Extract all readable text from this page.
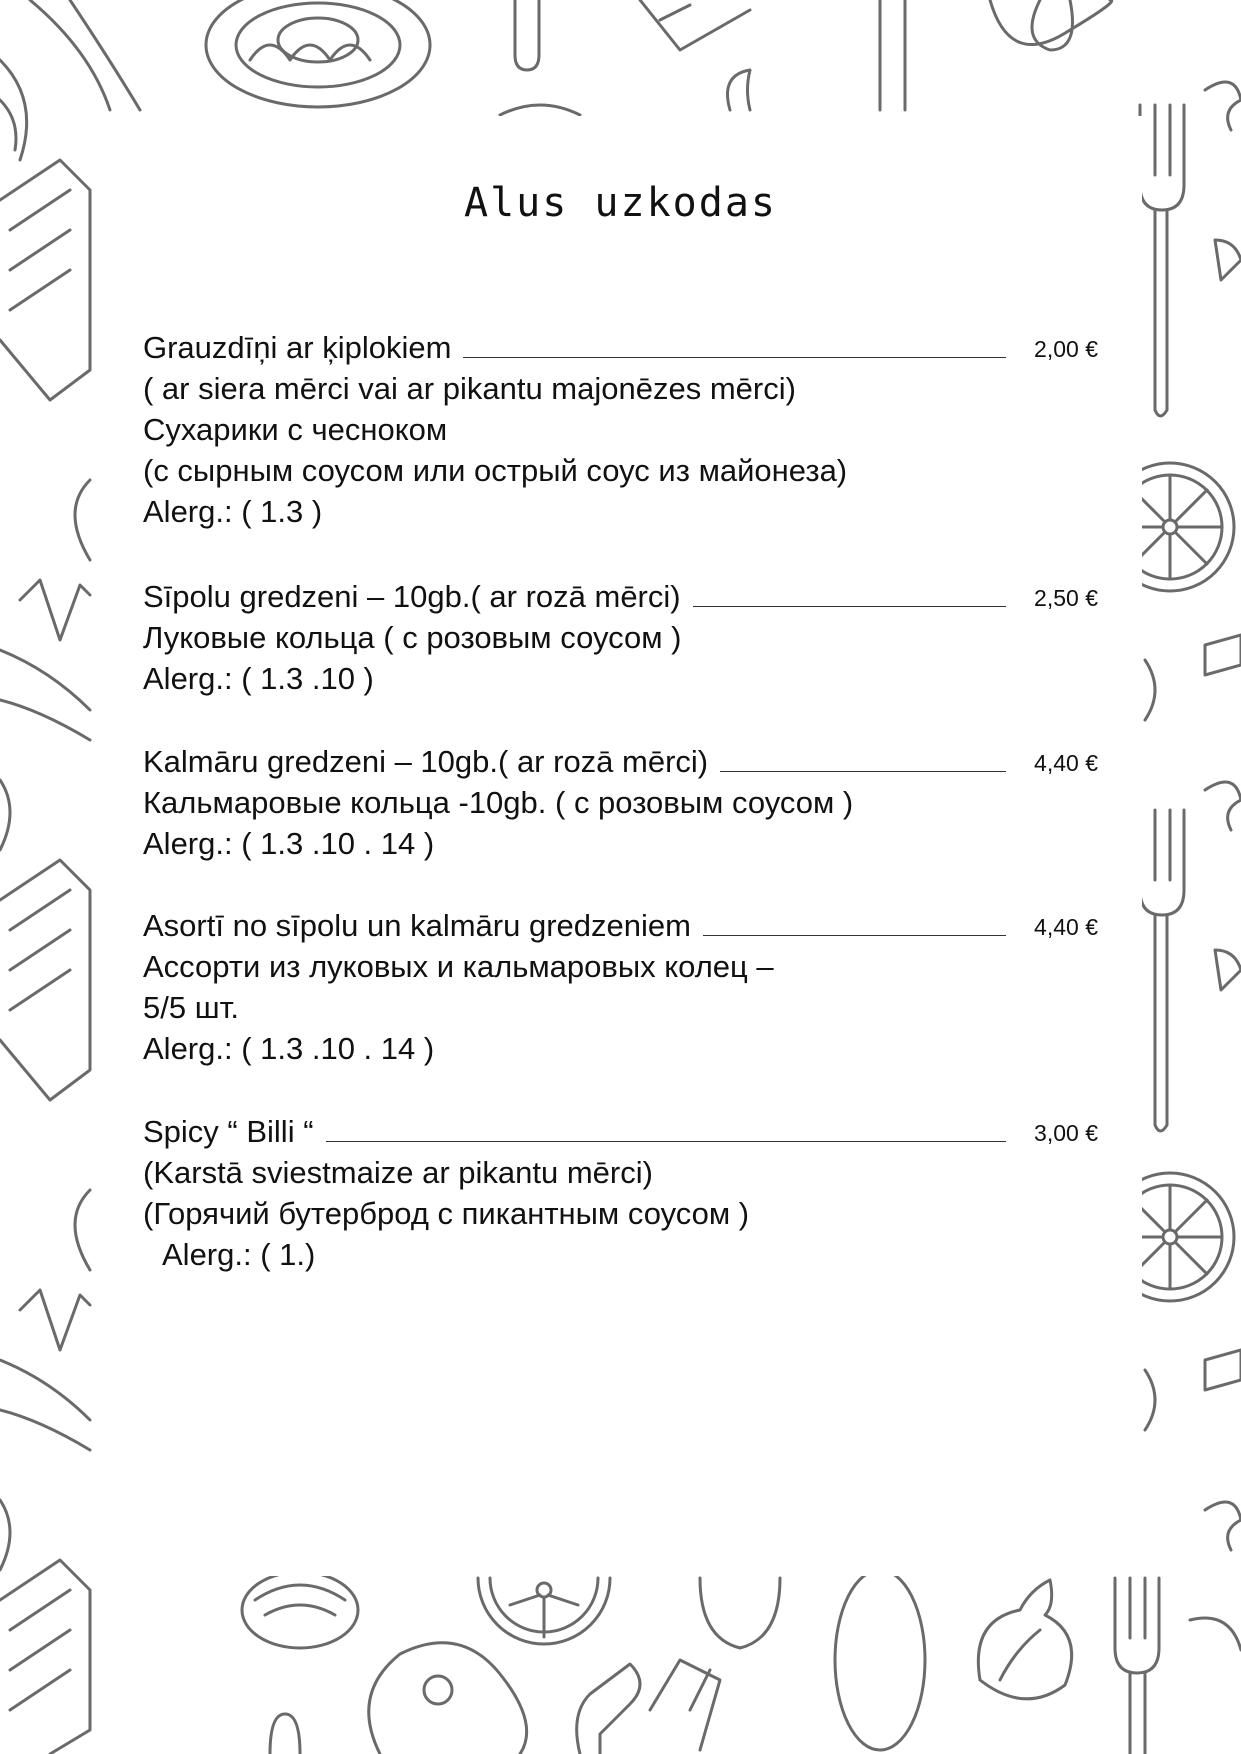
Alus uzkodas
Grauzdīņi ar ķiplokiem	2,00 €
( ar siera mērci vai ar pikantu majonēzes mērci)
Сухарики с чесноком
(с сырным соусом или острый соус из майонеза)
Alerg.: ( 1.3 )
Sīpolu gredzeni – 10gb.( ar rozā mērci)	2,50 €
Луковые кольца ( с розовым соусом )
Alerg.: ( 1.3 .10 )
Kalmāru gredzeni – 10gb.( ar rozā mērci)	4,40 €
Кальмаровые кольца -10gb. ( с розовым соусом )
Alerg.: ( 1.3 .10 . 14 )
Asortī no sīpolu un kalmāru gredzeniem	4,40 €
Ассорти из луковых и кальмаровых колец –
5/5 шт.
Alerg.: ( 1.3 .10 . 14 )
Spicy “ Billi “	3,00 €
(Karstā sviestmaize ar pikantu mērci)
(Горячий бутерброд с пикантным соусом )
Alerg.: ( 1.)
